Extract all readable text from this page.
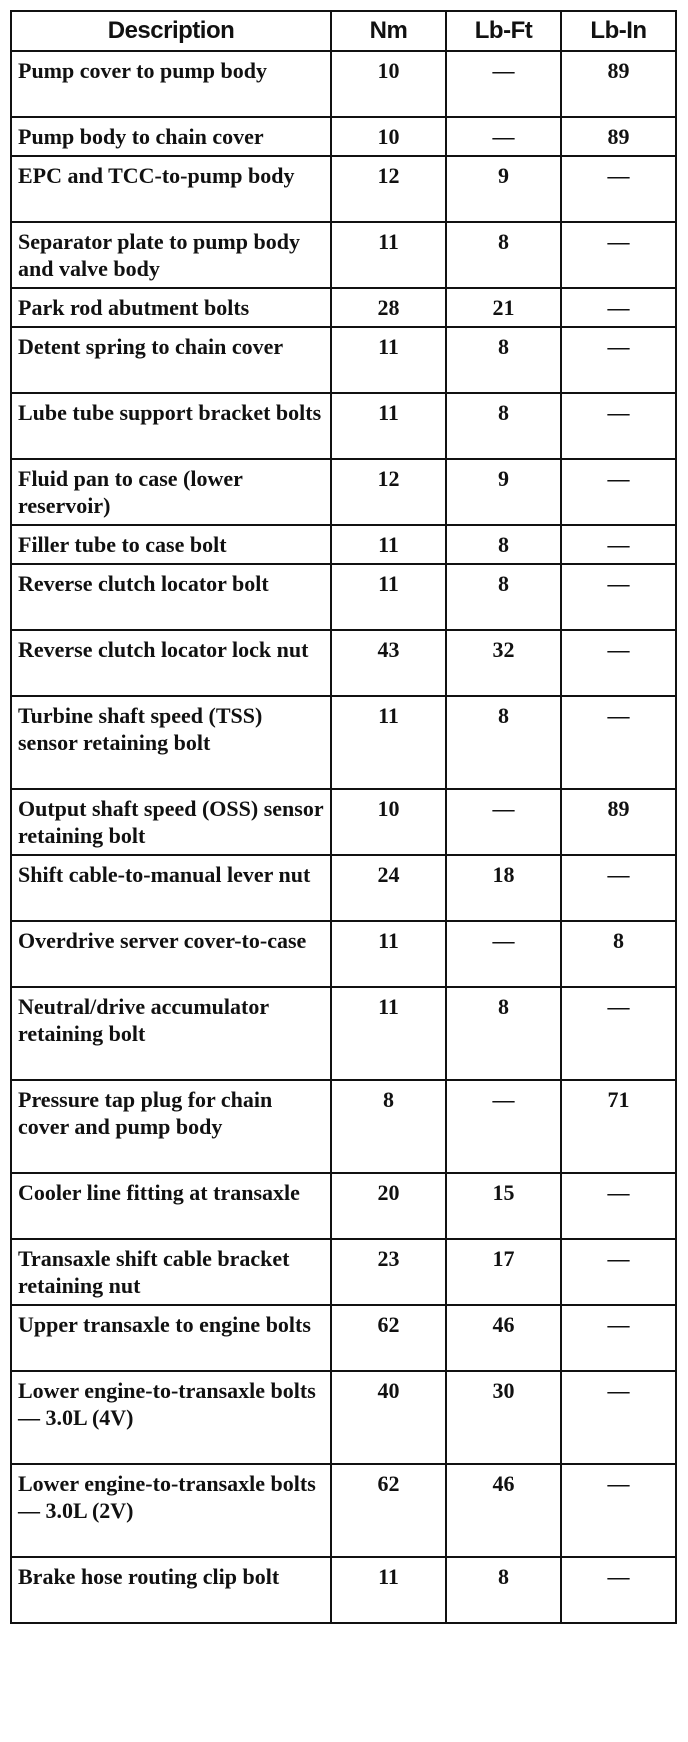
Description	Nm	Lb-Ft	Lb-In
Pump cover to pump body	10	—	89
Pump body to chain cover	10	—	89
EPC and TCC-to-pump body	12	9	—
Separator plate to pump body and valve body	11	8	—
Park rod abutment bolts	28	21	—
Detent spring to chain cover	11	8	—
Lube tube support bracket bolts	11	8	—
Fluid pan to case (lower reservoir)	12	9	—
Filler tube to case bolt	11	8	—
Reverse clutch locator bolt	11	8	—
Reverse clutch locator lock nut	43	32	—
Turbine shaft speed (TSS) sensor retaining bolt	11	8	—
Output shaft speed (OSS) sensor retaining bolt	10	—	89
Shift cable-to-manual lever nut	24	18	—
Overdrive server cover-to-case	11	—	8
Neutral/drive accumulator retaining bolt	11	8	—
Pressure tap plug for chain cover and pump body	8	—	71
Cooler line fitting at transaxle	20	15	—
Transaxle shift cable bracket retaining nut	23	17	—
Upper transaxle to engine bolts	62	46	—
Lower engine-to-transaxle bolts — 3.0L (4V)	40	30	—
Lower engine-to-transaxle bolts — 3.0L (2V)	62	46	—
Brake hose routing clip bolt	11	8	—
